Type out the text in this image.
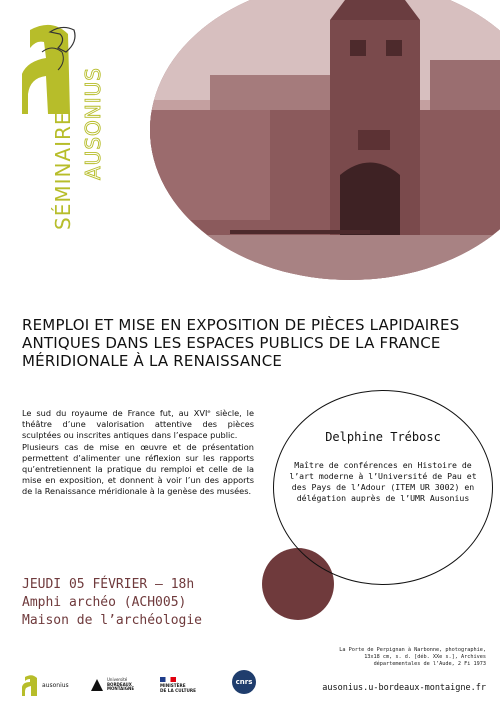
SÉMINAIRE AUSONIUS
REMPLOI ET MISE EN EXPOSITION DE PIÈCES LAPIDAIRES
ANTIQUES DANS LES ESPACES PUBLICS DE LA FRANCE
MÉRIDIONALE À LA RENAISSANCE

Le sud du royaume de France fut, au XVIᵉ siècle, le théâtre d’une valorisation attentive des pièces sculptées ou inscrites antiques dans l’espace public.

Plusieurs cas de mise en œuvre et de présentation permettent d’alimenter une réflexion sur les rapports qu’entretiennent la pratique du remploi et celle de la mise en exposition, et donnent à voir l’un des apports de la Renaissance méridionale à la genèse des musées.

Delphine Trébosc
Maître de conférences en Histoire de l’art moderne à l’Université de Pau et des Pays de l’Adour (ITEM UR 3002) en délégation auprès de l’UMR Ausonius
JEUDI 05 FÉVRIER — 18h
Amphi archéo (ACH005)
Maison de l’archéologie
La Porte de Perpignan à Narbonne, photographie,
13x18 cm, s. d. [déb. XXe s.], Archives
départementales de l’Aude, 2 Fi 1973
ausonius
Université
BORDEAUX
MONTAIGNE
MINISTÈRE
DE LA CULTURE
cnrs
ausonius.u-bordeaux-montaigne.fr
